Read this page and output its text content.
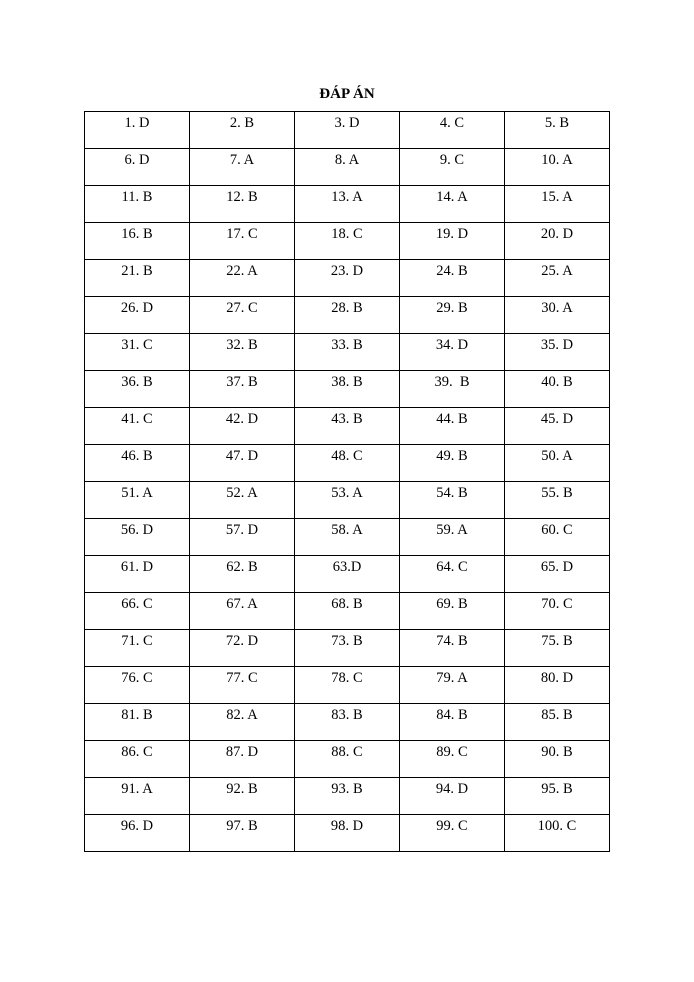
ĐÁP ÁN
1. D	2. B	3. D	4. C	5. B
6. D	7. A	8. A	9. C	10. A
11. B	12. B	13. A	14. A	15. A
16. B	17. C	18. C	19. D	20. D
21. B	22. A	23. D	24. B	25. A
26. D	27. C	28. B	29. B	30. A
31. C	32. B	33. B	34. D	35. D
36. B	37. B	38. B	39.  B	40. B
41. C	42. D	43. B	44. B	45. D
46. B	47. D	48. C	49. B	50. A
51. A	52. A	53. A	54. B	55. B
56. D	57. D	58. A	59. A	60. C
61. D	62. B	63.D	64. C	65. D
66. C	67. A	68. B	69. B	70. C
71. C	72. D	73. B	74. B	75. B
76. C	77. C	78. C	79. A	80. D
81. B	82. A	83. B	84. B	85. B
86. C	87. D	88. C	89. C	90. B
91. A	92. B	93. B	94. D	95. B
96. D	97. B	98. D	99. C	100. C
